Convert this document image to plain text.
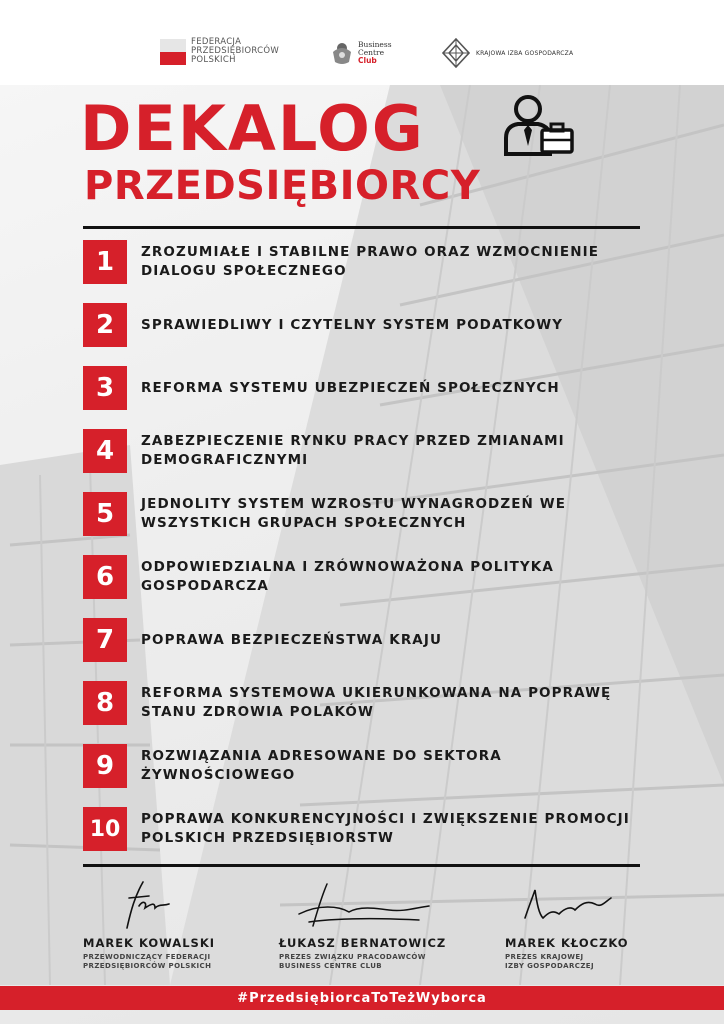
FEDERACJA
PRZEDSIĘBIORCÓW
POLSKICH
Business
Centre
Club
KRAJOWA IZBA GOSPODARCZA
DEKALOG
PRZEDSIĘBIORCY
1	ZROZUMIAŁE I STABILNE PRAWO ORAZ WZMOCNIENIE DIALOGU SPOŁECZNEGO
2	SPRAWIEDLIWY I CZYTELNY SYSTEM PODATKOWY
3	REFORMA SYSTEMU UBEZPIECZEŃ SPOŁECZNYCH
4	ZABEZPIECZENIE RYNKU PRACY PRZED ZMIANAMI DEMOGRAFICZNYMI
5	JEDNOLITY SYSTEM WZROSTU WYNAGRODZEŃ WE WSZYSTKICH GRUPACH SPOŁECZNYCH
6	ODPOWIEDZIALNA I ZRÓWNOWAŻONA POLITYKA GOSPODARCZA
7	POPRAWA BEZPIECZEŃSTWA KRAJU
8	REFORMA SYSTEMOWA UKIERUNKOWANA NA POPRAWĘ STANU ZDROWIA POLAKÓW
9	ROZWIĄZANIA ADRESOWANE DO SEKTORA ŻYWNOŚCIOWEGO
10	POPRAWA KONKURENCYJNOŚCI I ZWIĘKSZENIE PROMOCJI POLSKICH PRZEDSIĘBIORSTW
MAREK KOWALSKI
PRZEWODNICZĄCY FEDERACJI
PRZEDSIĘBIORCÓW POLSKICH
ŁUKASZ BERNATOWICZ
PREZES ZWIĄZKU PRACODAWCÓW
BUSINESS CENTRE CLUB
MAREK KŁOCZKO
PREZES KRAJOWEJ
IZBY GOSPODARCZEJ
#PrzedsiębiorcaToTeżWyborca
